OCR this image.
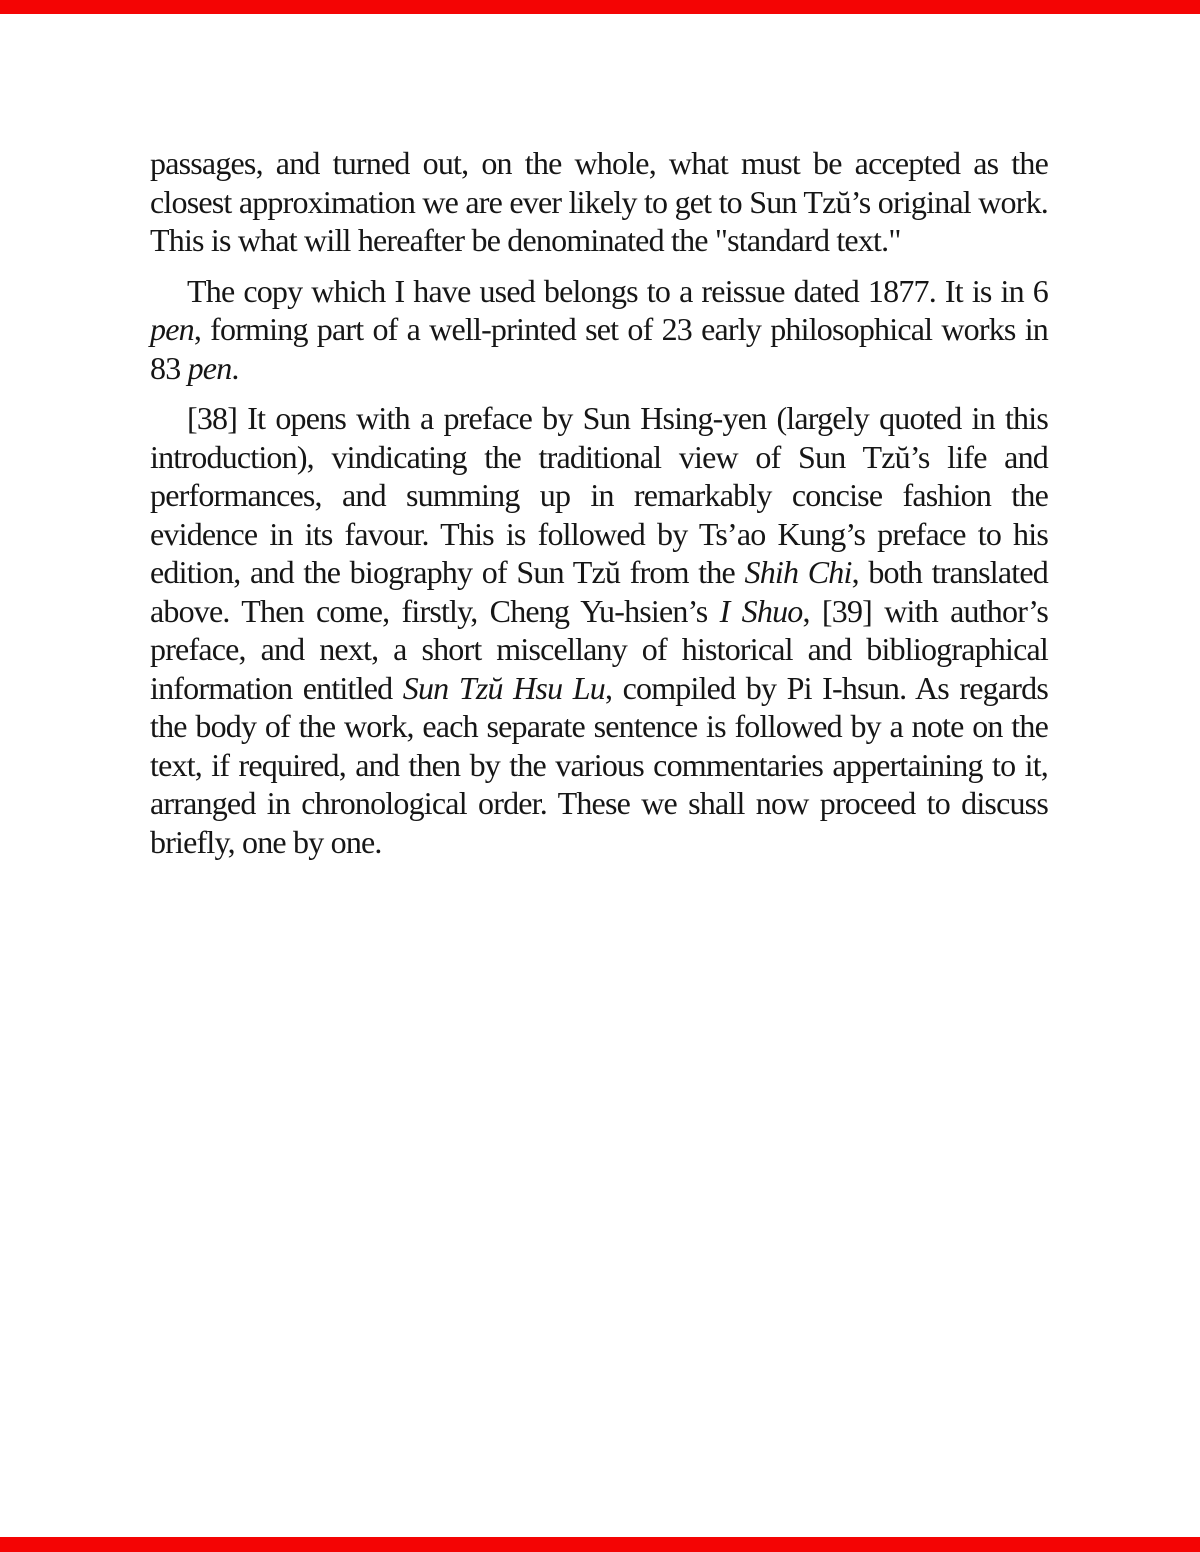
passages, and turned out, on the whole, what must be accepted as the closest approximation we are ever likely to get to Sun Tzŭ’s original work. This is what will hereafter be denominated the "standard text."

The copy which I have used belongs to a reissue dated 1877. It is in 6 pen, forming part of a well-printed set of 23 early philosophical works in 83 pen.

[38] It opens with a preface by Sun Hsing-yen (largely quoted in this introduction), vindicating the traditional view of Sun Tzŭ’s life and performances, and summing up in remarkably concise fashion the evidence in its favour. This is followed by Ts’ao Kung’s preface to his edition, and the biography of Sun Tzŭ from the Shih Chi, both translated above. Then come, firstly, Cheng Yu-hsien’s I Shuo, [39] with author’s preface, and next, a short miscellany of historical and bibliographical information entitled Sun Tzŭ Hsu Lu, compiled by Pi I-hsun. As regards the body of the work, each separate sentence is followed by a note on the text, if required, and then by the various commentaries appertaining to it, arranged in chronological order. These we shall now proceed to discuss briefly, one by one.
